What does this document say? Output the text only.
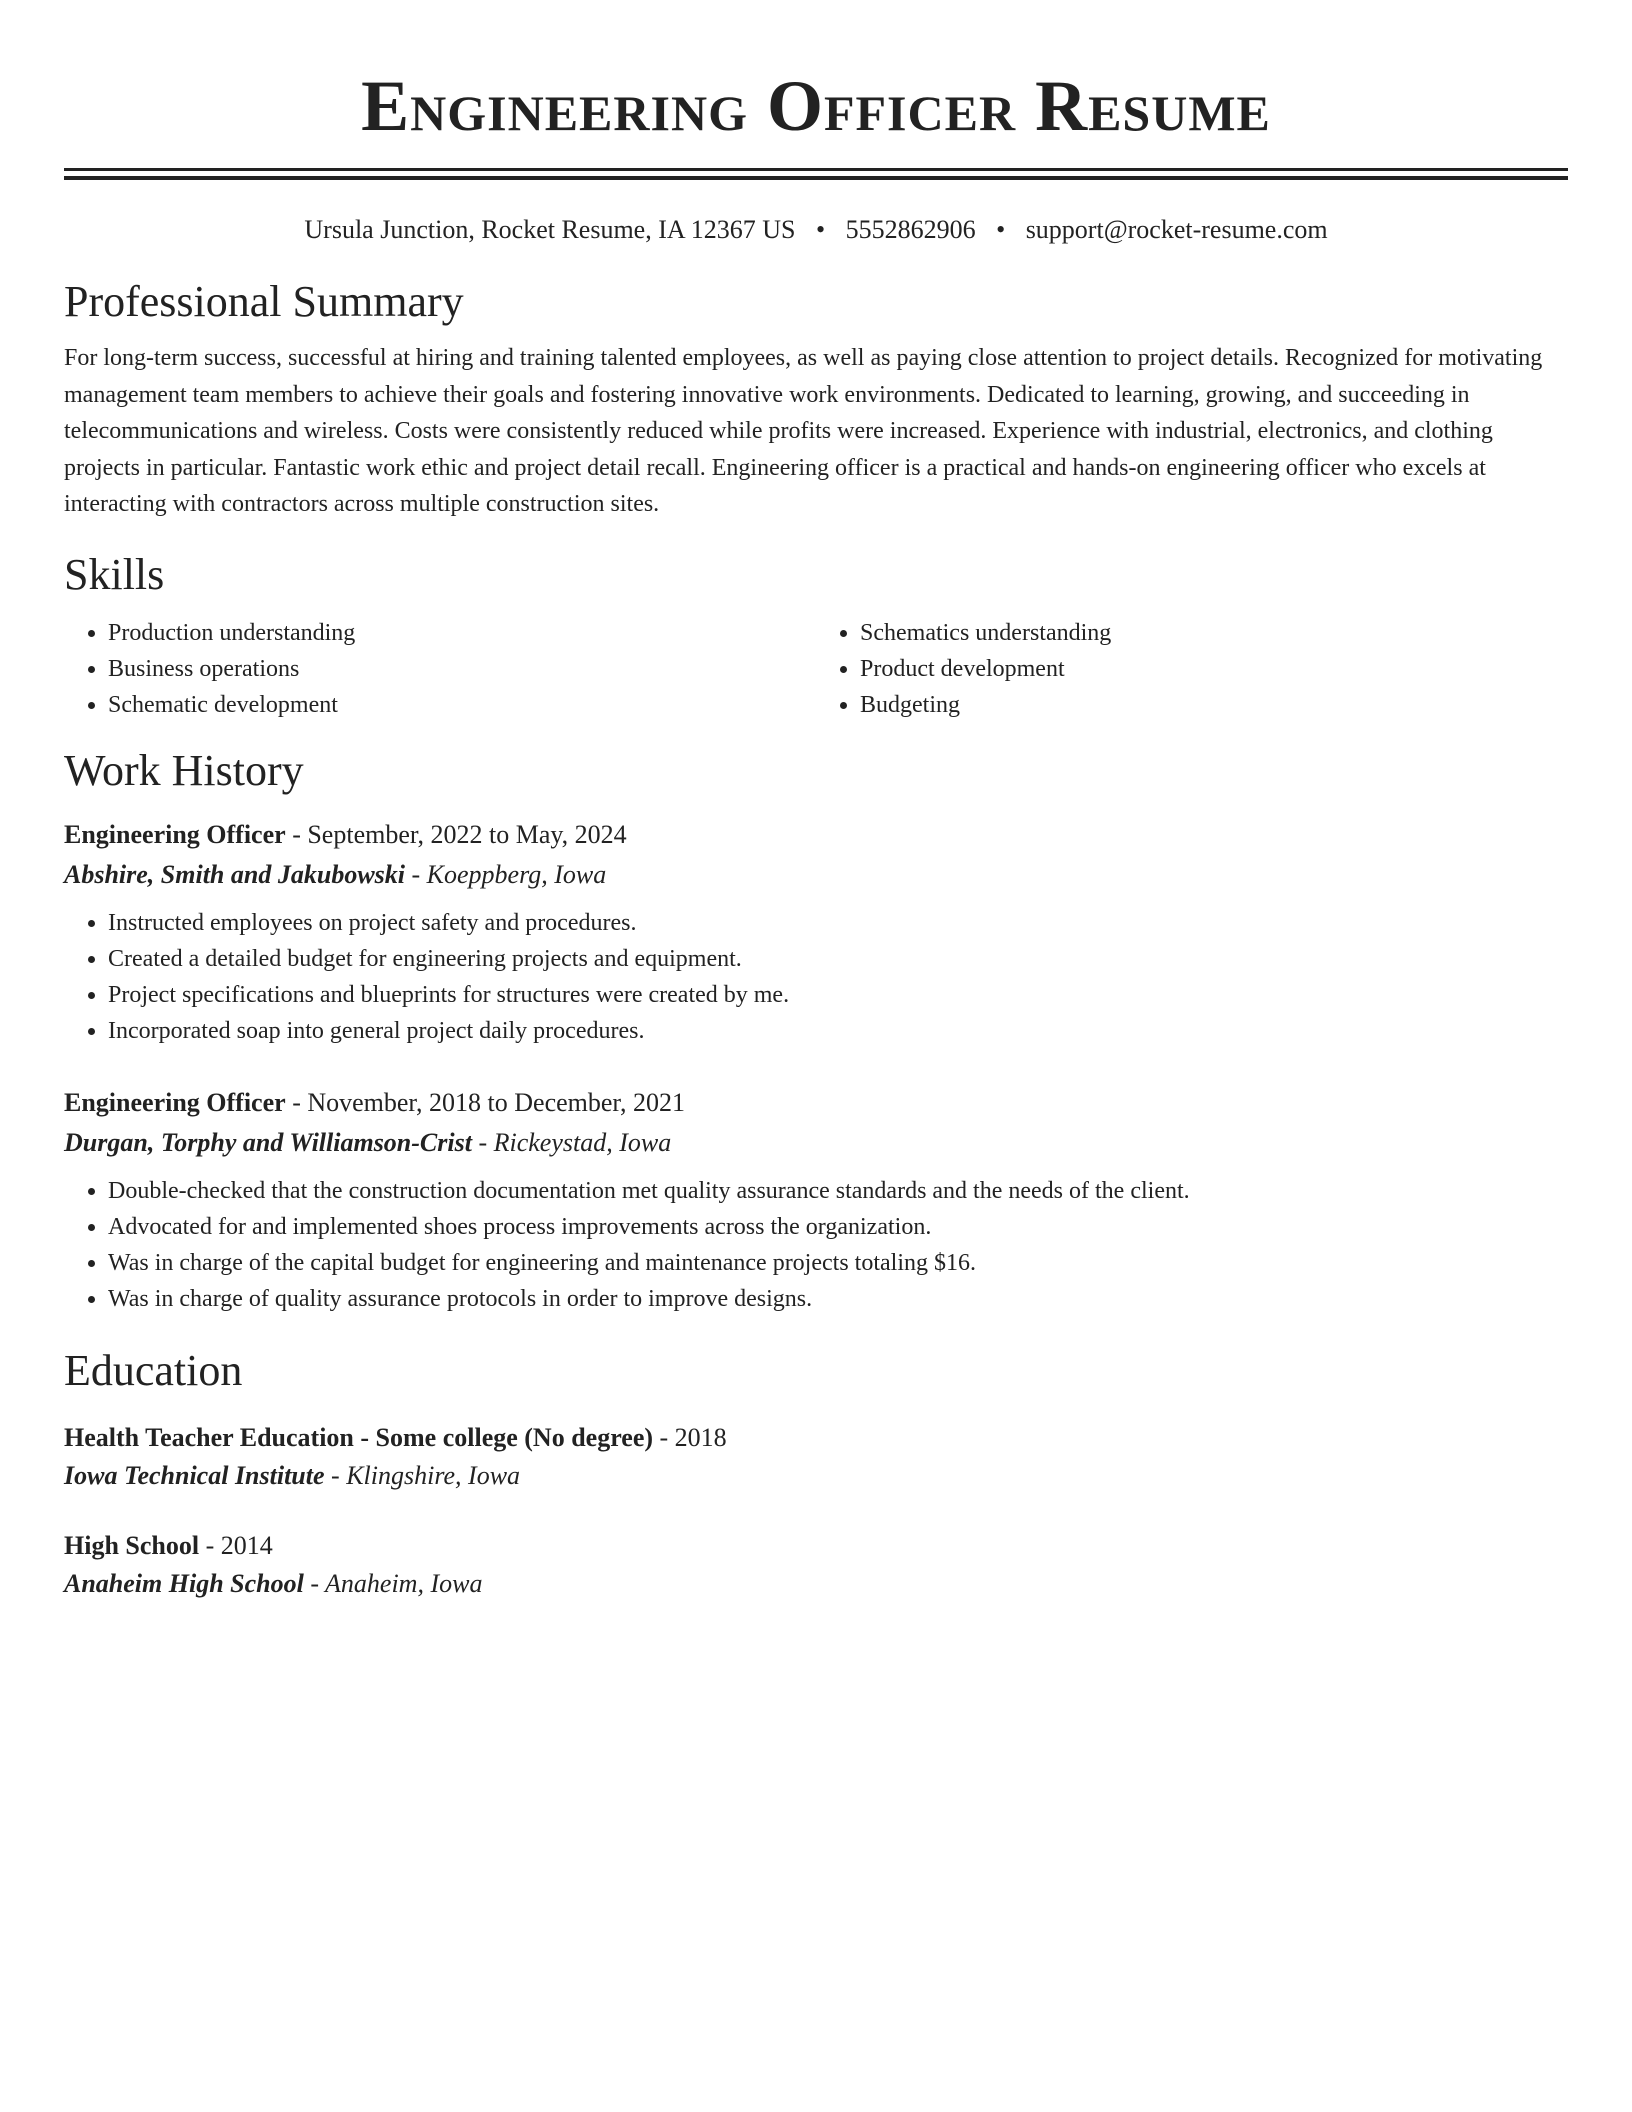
Engineering Officer Resume
Ursula Junction, Rocket Resume, IA 12367 US • 5552862906 • support@rocket-resume.com
Professional Summary
For long-term success, successful at hiring and training talented employees, as well as paying close attention to project details. Recognized for motivating management team members to achieve their goals and fostering innovative work environments. Dedicated to learning, growing, and succeeding in telecommunications and wireless. Costs were consistently reduced while profits were increased. Experience with industrial, electronics, and clothing projects in particular. Fantastic work ethic and project detail recall. Engineering officer is a practical and hands-on engineering officer who excels at interacting with contractors across multiple construction sites.
Skills
• Production understanding
• Business operations
• Schematic development
• Schematics understanding
• Product development
• Budgeting
Work History
Engineering Officer - September, 2022 to May, 2024
Abshire, Smith and Jakubowski - Koeppberg, Iowa
• Instructed employees on project safety and procedures.
• Created a detailed budget for engineering projects and equipment.
• Project specifications and blueprints for structures were created by me.
• Incorporated soap into general project daily procedures.
Engineering Officer - November, 2018 to December, 2021
Durgan, Torphy and Williamson-Crist - Rickeystad, Iowa
• Double-checked that the construction documentation met quality assurance standards and the needs of the client.
• Advocated for and implemented shoes process improvements across the organization.
• Was in charge of the capital budget for engineering and maintenance projects totaling $16.
• Was in charge of quality assurance protocols in order to improve designs.
Education
Health Teacher Education - Some college (No degree) - 2018
Iowa Technical Institute - Klingshire, Iowa
High School - 2014
Anaheim High School - Anaheim, Iowa
